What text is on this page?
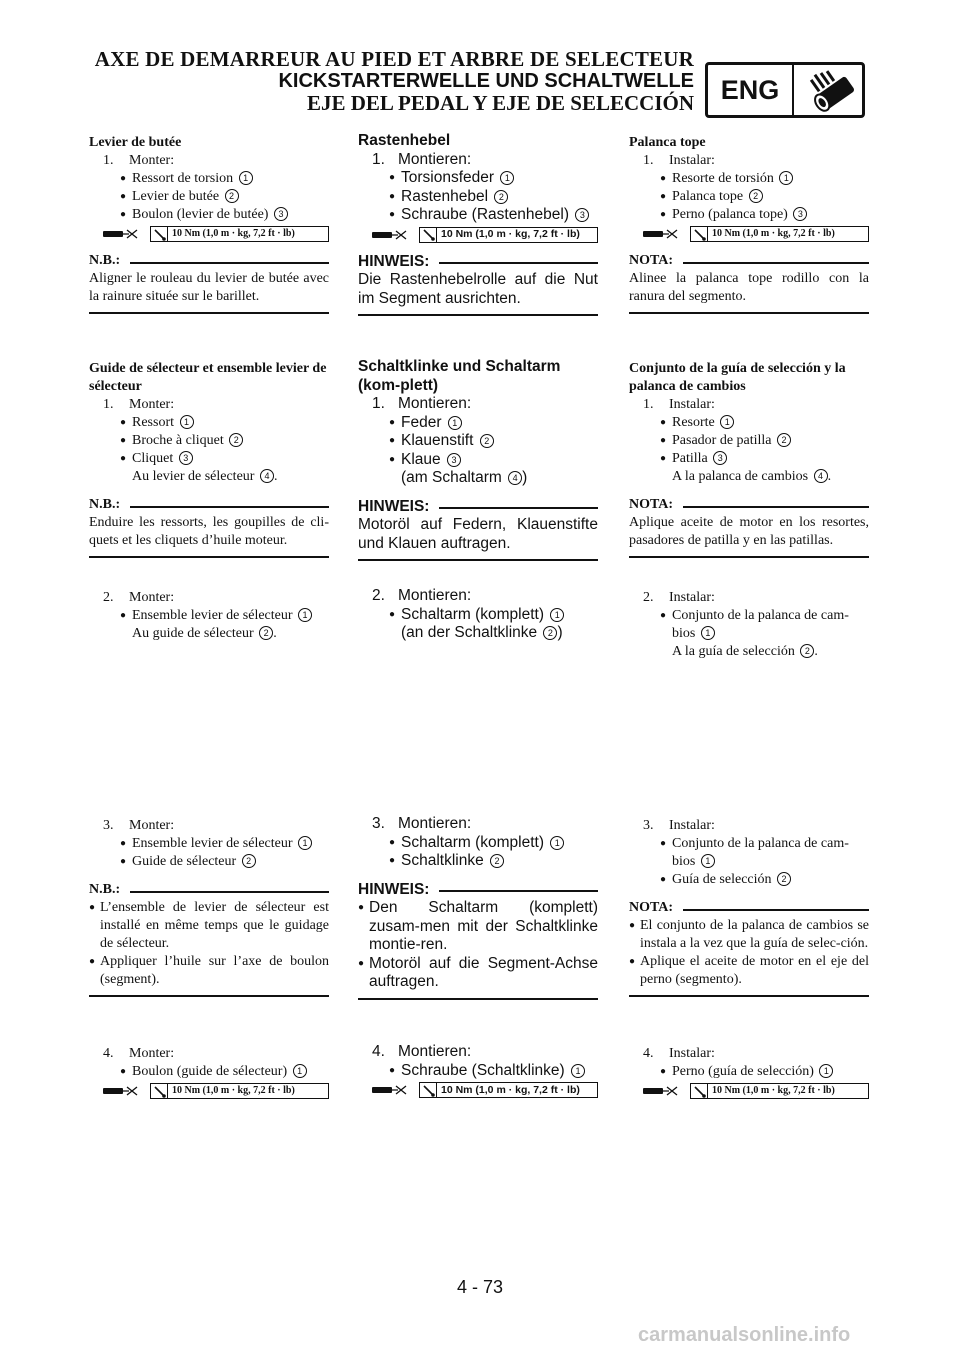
AXE DE DEMARREUR AU PIED ET ARBRE DE SELECTEUR
KICKSTARTERWELLE UND SCHALTWELLE
EJE DEL PEDAL Y EJE DE SELECCIÓN ENG

Levier de butée

1. Monter:
● Ressort de torsion 1
● Levier de butée 2
● Boulon (levier de butée) 3
10 Nm (1,0 m · kg, 7,2 ft · lb)
N.B.:
Aligner le rouleau du levier de butée avec la rainure située sur le barillet.

Guide de sélecteur et ensemble levier de sélecteur

1. Monter:
● Ressort 1
● Broche à cliquet 2
● Cliquet 3
Au levier de sélecteur 4 .
N.B.:
Enduire les ressorts, les goupilles de cli-quets et les cliquets d’huile moteur.
2. Monter:
● Ensemble levier de sélecteur 1
Au guide de sélecteur 2 .
3. Monter:
● Ensemble levier de sélecteur 1
● Guide de sélecteur 2
N.B.:
● L’ensemble de levier de sélecteur est installé en même temps que le guidage de sélecteur.
● Appliquer l’huile sur l’axe de boulon (segment).
4. Monter:
● Boulon (guide de sélecteur) 1
10 Nm (1,0 m · kg, 7,2 ft · lb)

Rastenhebel

1. Montieren:
● Torsionsfeder 1
● Rastenhebel 2
● Schraube (Rastenhebel) 3
10 Nm (1,0 m · kg, 7,2 ft · lb)
HINWEIS:
Die Rastenhebelrolle auf die Nut im Segment ausrichten.

Schaltklinke und Schaltarm (kom-plett)

1. Montieren:
● Feder 1
● Klauenstift 2
● Klaue 3
(am Schaltarm 4 )
HINWEIS:
Motoröl auf Federn, Klauenstifte und Klauen auftragen.
2. Montieren:
● Schaltarm (komplett) 1
(an der Schaltklinke 2 )
3. Montieren:
● Schaltarm (komplett) 1
● Schaltklinke 2
HINWEIS:
● Den Schaltarm (komplett) zusam-men mit der Schaltklinke montie-ren.
● Motoröl auf die Segment-Achse auftragen.
4. Montieren:
● Schraube (Schaltklinke) 1
10 Nm (1,0 m · kg, 7,2 ft · lb)

Palanca tope

1. Instalar:
● Resorte de torsión 1
● Palanca tope 2
● Perno (palanca tope) 3
10 Nm (1,0 m · kg, 7,2 ft · lb)
NOTA:
Alinee la palanca tope rodillo con la ranura del segmento.

Conjunto de la guía de selección y la palanca de cambios

1. Instalar:
● Resorte 1
● Pasador de patilla 2
● Patilla 3
A la palanca de cambios 4 .
NOTA:
Aplique aceite de motor en los resortes, pasadores de patilla y en las patillas.
2. Instalar:
● Conjunto de la palanca de cam-bios 1
A la guía de selección 2 .
3. Instalar:
● Conjunto de la palanca de cam-bios 1
● Guía de selección 2
NOTA:
● El conjunto de la palanca de cambios se instala a la vez que la guía de selec-ción.
● Aplique el aceite de motor en el eje del perno (segmento).
4. Instalar:
● Perno (guía de selección) 1
10 Nm (1,0 m · kg, 7,2 ft · lb)
4 - 73
carmanualsonline.info
